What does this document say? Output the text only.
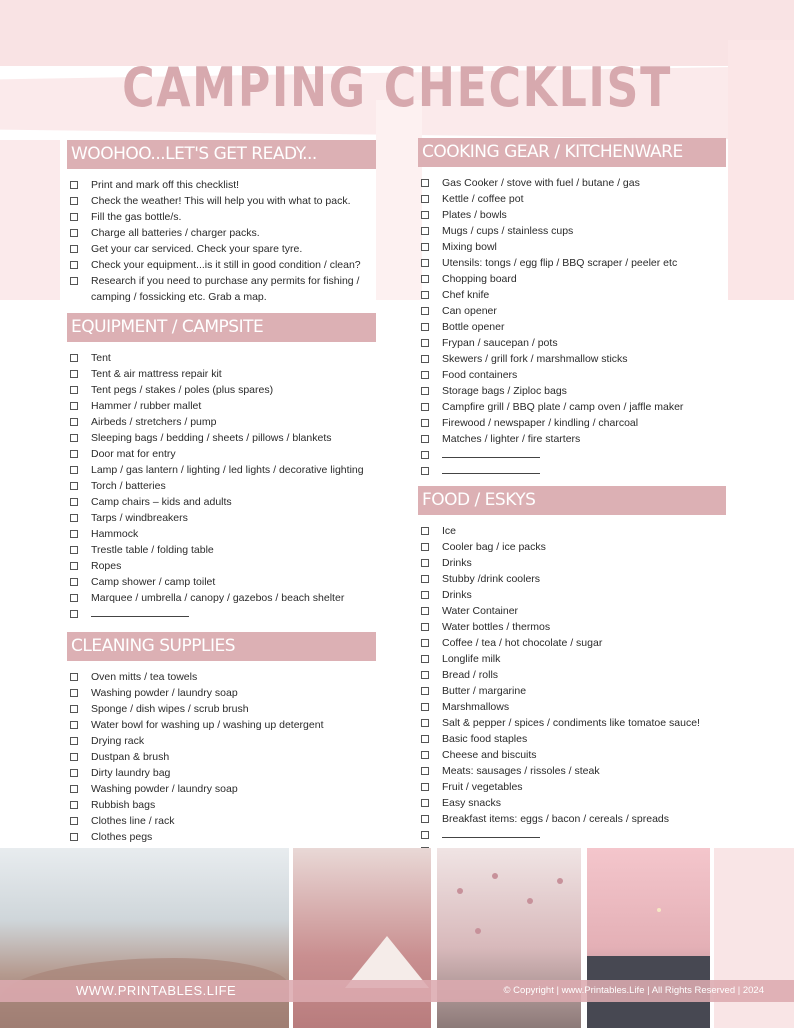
CAMPING CHECKLIST
WOOHOO...LET'S GET READY...
Print and mark off this checklist!
Check the weather! This will help you with what to pack.
Fill the gas bottle/s.
Charge all batteries / charger packs.
Get your car serviced. Check your spare tyre.
Check your equipment...is it still in good condition / clean?
Research if you need to purchase any permits for fishing / camping / fossicking etc. Grab a map.
EQUIPMENT / CAMPSITE
Tent
Tent & air mattress repair kit
Tent pegs / stakes / poles (plus spares)
Hammer / rubber mallet
Airbeds / stretchers / pump
Sleeping bags / bedding / sheets / pillows / blankets
Door mat for entry
Lamp / gas lantern / lighting / led lights / decorative lighting
Torch / batteries
Camp chairs – kids and adults
Tarps / windbreakers
Hammock
Trestle table / folding table
Ropes
Camp shower / camp toilet
Marquee / umbrella / canopy / gazebos / beach shelter
CLEANING SUPPLIES
Oven mitts / tea towels
Washing powder / laundry soap
Sponge / dish wipes / scrub brush
Water bowl for washing up / washing up detergent
Drying rack
Dustpan & brush
Dirty laundry bag
Washing powder / laundry soap
Rubbish bags
Clothes line / rack
Clothes pegs
COOKING GEAR / KITCHENWARE
Gas Cooker / stove with fuel / butane / gas
Kettle / coffee pot
Plates / bowls
Mugs / cups / stainless cups
Mixing bowl
Utensils: tongs / egg flip / BBQ scraper / peeler etc
Chopping board
Chef knife
Can opener
Bottle opener
Frypan / saucepan / pots
Skewers / grill fork / marshmallow sticks
Food containers
Storage bags / Ziploc bags
Campfire grill / BBQ plate / camp oven / jaffle maker
Firewood / newspaper / kindling / charcoal
Matches / lighter / fire starters
FOOD / ESKYS
Ice
Cooler bag / ice packs
Drinks
Stubby /drink coolers
Drinks
Water Container
Water bottles / thermos
Coffee / tea / hot chocolate / sugar
Longlife milk
Bread / rolls
Butter / margarine
Marshmallows
Salt & pepper / spices / condiments like tomatoe sauce!
Basic food staples
Cheese and biscuits
Meats: sausages / rissoles / steak
Fruit / vegetables
Easy snacks
Breakfast items: eggs / bacon / cereals / spreads
WWW.PRINTABLES.LIFE	© Copyright | www.Printables.Life | All Rights Reserved | 2024
